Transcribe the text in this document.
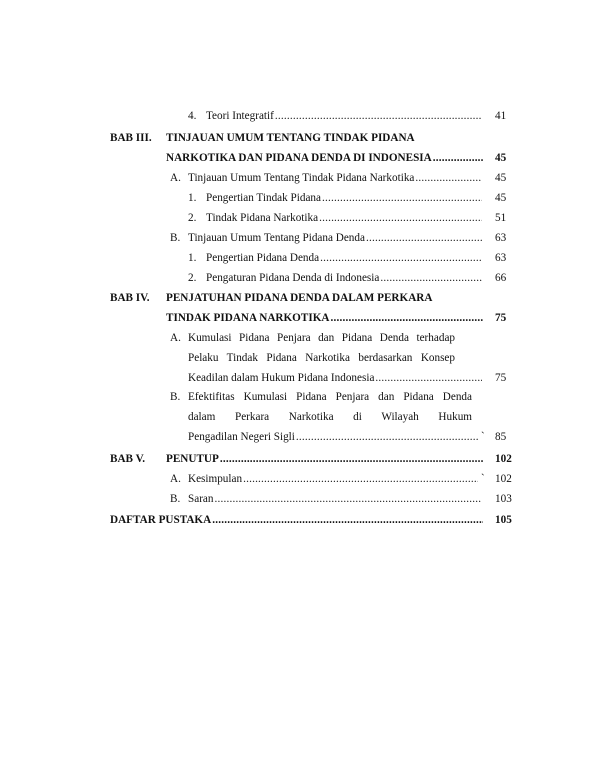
4. Teori Integratif .....	41
BAB III. TINJAUAN UMUM TENTANG TINDAK PIDANA
NARKOTIKA DAN PIDANA DENDA DI INDONESIA .....	45
A. Tinjauan Umum Tentang Tindak Pidana Narkotika .....	45
1. Pengertian Tindak Pidana .....	45
2. Tindak Pidana Narkotika .....	51
B. Tinjauan Umum Tentang Pidana Denda .....	63
1. Pengertian Pidana Denda .....	63
2. Pengaturan Pidana Denda di Indonesia .....	66
BAB IV. PENJATUHAN PIDANA DENDA DALAM PERKARA
TINDAK PIDANA NARKOTIKA .....	75
A. Kumulasi Pidana Penjara dan Pidana Denda terhadap
Pelaku Tindak Pidana Narkotika berdasarkan Konsep
Keadilan dalam Hukum Pidana Indonesia .....	75
B. Efektifitas Kumulasi Pidana Penjara dan Pidana Denda
dalam Perkara Narkotika di Wilayah Hukum
Pengadilan Negeri Sigli .....	` 85
BAB V. PENUTUP .....	102
A. Kesimpulan .....	` 102
B. Saran .....	103
DAFTAR PUSTAKA .....	105
